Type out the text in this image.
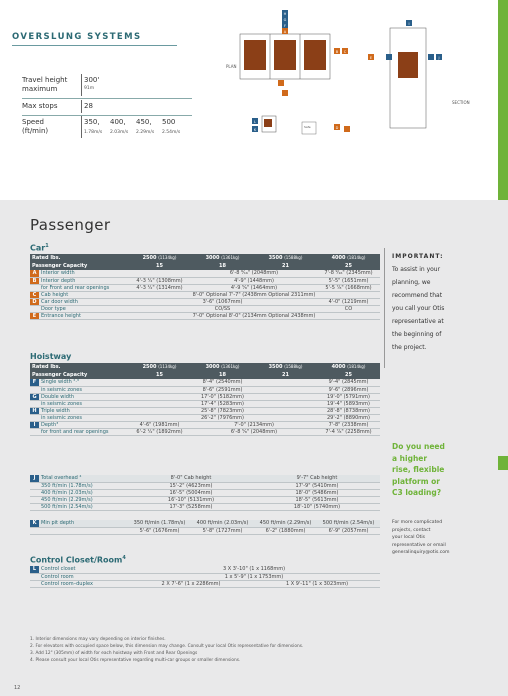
OVERSLUNG SYSTEMS
Travel height
maximum
300'
91m
Max stops	28
Speed
(ft/min)
350, 400, 450, 500
1.78m/s 2.03m/s 2.29m/s 2.54m/s
PLAN
H
G
F
A
B C
E	J
I
SECTION
L
K
Safe	D
Passenger
Car$^1$
Rated lbs.		2500 (1134kg)	3000 (1361kg)	3500 (1588kg)	4000 (1814kg)
Passenger Capacity		15	18	21	25
A	Interior width		6'-8 ⁹⁄₁₆" (2048mm)		7'-8 ⁹⁄₁₆" (2345mm)
B	Interior depth	4'-3 ¹⁄₂" (1308mm)	4'-9" (1448mm)		5'-5" (1651mm)
	for Front and rear openings	4'-3 ¹⁄₂" (1314mm)	4'-9 ⁵⁄₈" (1464mm)		5'-5 ⁷⁄₈" (1668mm)
C	Cab height	8'-0" Optional 7'-7" (2438mm Optional 2311mm)			
D	Car door width	3'-6" (1067mm)			4'-0" (1219mm)
	Door type	CO/SS			CO
E	Entrance height	7'-0" Optional 8'-0" (2134mm Optional 2438mm)			
Hoistway
Rated lbs.		2500 (1134kg)	3000 (1361kg)	3500 (1588kg)	4000 (1814kg)
Passenger Capacity		15	18	21	25
F	Single width ²·³	8'-4" (2540mm)			9'-4" (2845mm)
	in seismic zones	8'-6" (2591mm)			9'-6" (2896mm)
G	Double width	17'-0" (5182mm)			19'-0" (5791mm)
	in seismic zones	17'-4" (5283mm)			19'-4" (5893mm)
H	Triple width	25'-8" (7823mm)			28'-8" (8738mm)
	in seismic zones	26'-2" (7976mm)			29'-2" (8890mm)
I	Depth³	4'-6" (1981mm)	7'-0" (2134mm)		7'-8" (2338mm)
	for front and rear openings	6'-2 ¹⁄₂" (1892mm)	6'-8 ⁵⁄₈" (2048mm)		7'-4 ⁷⁄₈" (2258mm)
J	Total overhead ⁴	8'-0" Cab height	9'-7" Cab height
	350 ft/min (1.78m/s)	15'-2" (4623mm)	17'-9" (5410mm)
	400 ft/min (2.03m/s)	16'-5" (5004mm)	18'-0" (5486mm)
	450 ft/min (2.29m/s)	16'-10" (5131mm)	18'-5" (5613mm)
	500 ft/min (2.54m/s)	17'-3" (5258mm)	18'-10" (5740mm)
K	Min pit depth	350 ft/min (1.78m/s)	400 ft/min (2.03m/s)	450 ft/min (2.29m/s)	500 ft/min (2.54m/s)
		5'-6" (1676mm)	5'-8" (1727mm)	6'-2" (1880mm)	6'-9" (2057mm)
Control Closet/Room$^4$
L	Control closet	3 X 3'-10" (1 x 1168mm)	
	Control room	1 x 5'-9" (1 x 1753mm)	
	Control room–duplex	2 X 7'-6" (1 x 2286mm)	1 X 9'-11" (1 x 3023mm)
IMPORTANT:
To assist in your
planning, we
recommend that
you call your Otis
representative at
the beginning of
the project.
Do you need
a higher
rise, flexible
platform or
C3 loading?
For more complicated
projects, contact
your local Otis
representative or email
generalinquiry@otis.com
1. Interior dimensions may vary depending on interior finishes.
2. For elevators with occupied space below, this dimension may change. Consult your local Otis representative for dimensions.
3. Add 12" (305mm) of width for each hoistway with Front and Rear Openings
4. Please consult your local Otis representative regarding multi-car groups or smaller dimensions.
12
